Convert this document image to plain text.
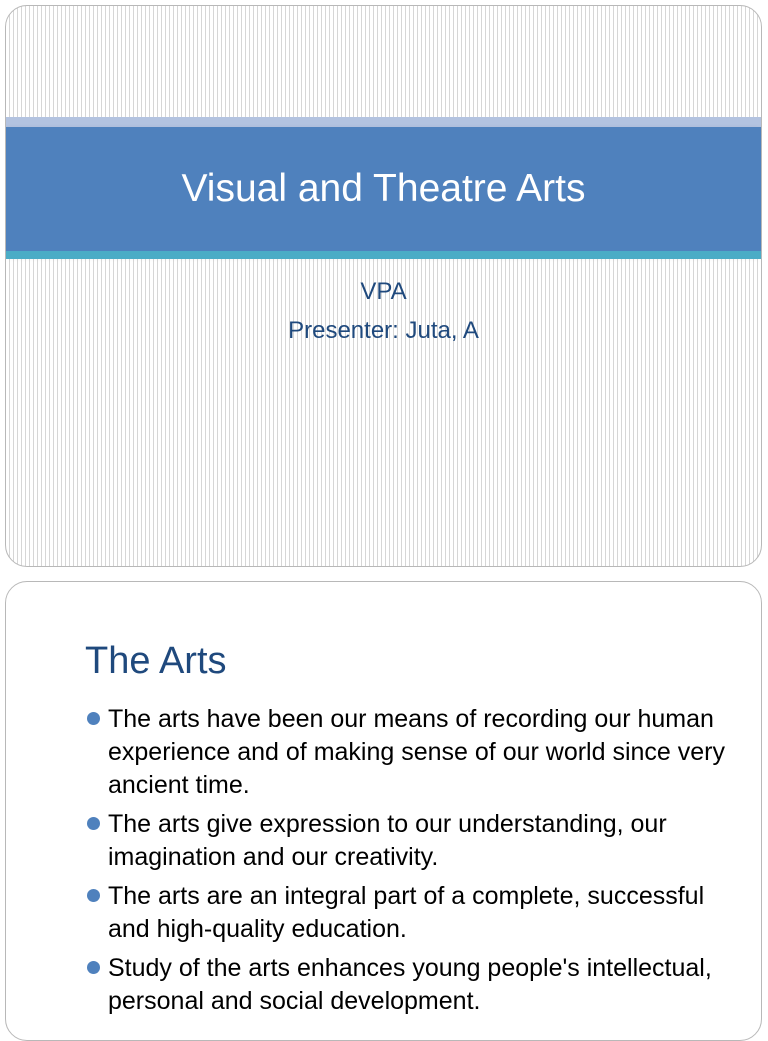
Visual and Theatre Arts

VPA

Presenter: Juta, A

The Arts
The arts have been our means of recording our human experience and of making sense of our world since very ancient time.
The arts give expression to our understanding, our imagination and our creativity.
The arts are an integral part of a complete, successful and high-quality education.
Study of the arts enhances young people's intellectual, personal and social development.
